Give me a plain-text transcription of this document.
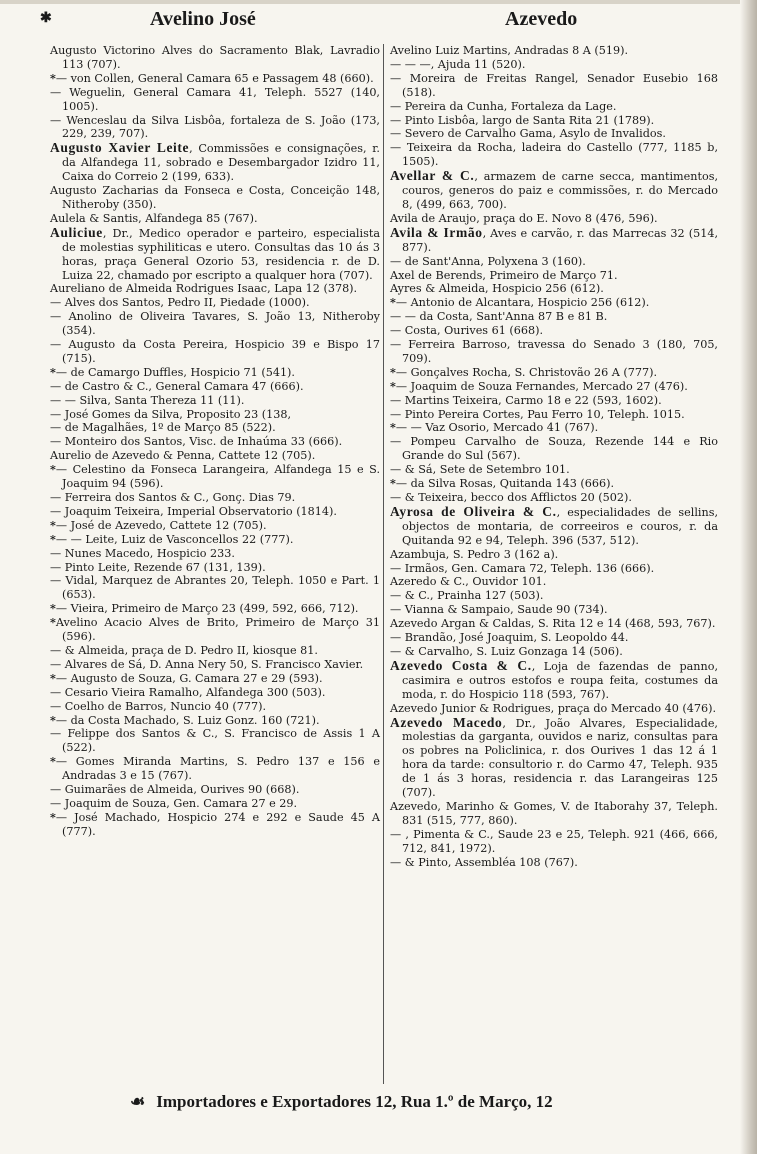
✱	Avelino José	Azevedo

Augusto Victorino Alves do Sacramento Blak, Lavradio 113 (707).

*— von Collen, General Camara 65 e Passagem 48 (660).

— Weguelin, General Camara 41, Teleph. 5527 (140, 1005).

— Wenceslau da Silva Lisbôa, fortaleza de S. João (173, 229, 239, 707).

Augusto Xavier Leite, Commissões e consignações, r. da Alfandega 11, sobrado e Desembargador Izidro 11, Caixa do Correio 2 (199, 633).

Augusto Zacharias da Fonseca e Costa, Conceição 148, Nitheroby (350).

Aulela & Santis, Alfandega 85 (767).

Auliciue, Dr., Medico operador e parteiro, especialista de molestias syphiliticas e utero. Consultas das 10 ás 3 horas, praça General Ozorio 53, residencia r. de D. Luiza 22, chamado por escripto a qualquer hora (707).

Aureliano de Almeida Rodrigues Isaac, Lapa 12 (378).

— Alves dos Santos, Pedro II, Piedade (1000).

— Anolino de Oliveira Tavares, S. João 13, Nitheroby (354).

— Augusto da Costa Pereira, Hospicio 39 e Bispo 17 (715).

*— de Camargo Duffles, Hospicio 71 (541).

— de Castro & C., General Camara 47 (666).

— — Silva, Santa Thereza 11 (11).

— José Gomes da Silva, Proposito 23 (138,

— de Magalhães, 1º de Março 85 (522).

— Monteiro dos Santos, Visc. de Inhaúma 33 (666).

Aurelio de Azevedo & Penna, Cattete 12 (705).

*— Celestino da Fonseca Larangeira, Alfandega 15 e S. Joaquim 94 (596).

— Ferreira dos Santos & C., Gonç. Dias 79.

— Joaquim Teixeira, Imperial Observatorio (1814).

*— José de Azevedo, Cattete 12 (705).

*— — Leite, Luiz de Vasconcellos 22 (777).

— Nunes Macedo, Hospicio 233.

— Pinto Leite, Rezende 67 (131, 139).

— Vidal, Marquez de Abrantes 20, Teleph. 1050 e Part. 1 (653).

*— Vieira, Primeiro de Março 23 (499, 592, 666, 712).

*Avelino Acacio Alves de Brito, Primeiro de Março 31 (596).

— & Almeida, praça de D. Pedro II, kiosque 81.

— Alvares de Sá, D. Anna Nery 50, S. Francisco Xavier.

*— Augusto de Souza, G. Camara 27 e 29 (593).

— Cesario Vieira Ramalho, Alfandega 300 (503).

— Coelho de Barros, Nuncio 40 (777).

*— da Costa Machado, S. Luiz Gonz. 160 (721).

— Felippe dos Santos & C., S. Francisco de Assis 1 A (522).

*— Gomes Miranda Martins, S. Pedro 137 e 156 e Andradas 3 e 15 (767).

— Guimarães de Almeida, Ourives 90 (668).

— Joaquim de Souza, Gen. Camara 27 e 29.

*— José Machado, Hospicio 274 e 292 e Saude 45 A (777).

Avelino Luiz Martins, Andradas 8 A (519).

— — —, Ajuda 11 (520).

— Moreira de Freitas Rangel, Senador Eusebio 168 (518).

— Pereira da Cunha, Fortaleza da Lage.

— Pinto Lisbôa, largo de Santa Rita 21 (1789).

— Severo de Carvalho Gama, Asylo de Invalidos.

— Teixeira da Rocha, ladeira do Castello (777, 1185 b, 1505).

Avellar & C., armazem de carne secca, mantimentos, couros, generos do paiz e commissões, r. do Mercado 8, (499, 663, 700).

Avila de Araujo, praça do E. Novo 8 (476, 596).

Avila & Irmão, Aves e carvão, r. das Marrecas 32 (514, 877).

— de Sant'Anna, Polyxena 3 (160).

Axel de Berends, Primeiro de Março 71.

Ayres & Almeida, Hospicio 256 (612).

*— Antonio de Alcantara, Hospicio 256 (612).

— — da Costa, Sant'Anna 87 B e 81 B.

— Costa, Ourives 61 (668).

— Ferreira Barroso, travessa do Senado 3 (180, 705, 709).

*— Gonçalves Rocha, S. Christovão 26 A (777).

*— Joaquim de Souza Fernandes, Mercado 27 (476).

— Martins Teixeira, Carmo 18 e 22 (593, 1602).

— Pinto Pereira Cortes, Pau Ferro 10, Teleph. 1015.

*— — Vaz Osorio, Mercado 41 (767).

— Pompeu Carvalho de Souza, Rezende 144 e Rio Grande do Sul (567).

— & Sá, Sete de Setembro 101.

*— da Silva Rosas, Quitanda 143 (666).

— & Teixeira, becco dos Afflictos 20 (502).

Ayrosa de Oliveira & C., especialidades de sellins, objectos de montaria, de correeiros e couros, r. da Quitanda 92 e 94, Teleph. 396 (537, 512).

Azambuja, S. Pedro 3 (162 a).

— Irmãos, Gen. Camara 72, Teleph. 136 (666).

Azeredo & C., Ouvidor 101.

— & C., Prainha 127 (503).

— Vianna & Sampaio, Saude 90 (734).

Azevedo Argan & Caldas, S. Rita 12 e 14 (468, 593, 767).

— Brandão, José Joaquim, S. Leopoldo 44.

— & Carvalho, S. Luiz Gonzaga 14 (506).

Azevedo Costa & C., Loja de fazendas de panno, casimira e outros estofos e roupa feita, costumes da moda, r. do Hospicio 118 (593, 767).

Azevedo Junior & Rodrigues, praça do Mercado 40 (476).

Azevedo Macedo, Dr., João Alvares, Especialidade, molestias da garganta, ouvidos e nariz, consultas para os pobres na Policlinica, r. dos Ourives 1 das 12 á 1 hora da tarde: consultorio r. do Carmo 47, Teleph. 935 de 1 ás 3 horas, residencia r. das Larangeiras 125 (707).

Azevedo, Marinho & Gomes, V. de Itaborahy 37, Teleph. 831 (515, 777, 860).

— , Pimenta & C., Saude 23 e 25, Teleph. 921 (466, 666, 712, 841, 1972).

— & Pinto, Assembléa 108 (767).

☙ Importadores e Exportadores 12, Rua 1.º de Março, 12
